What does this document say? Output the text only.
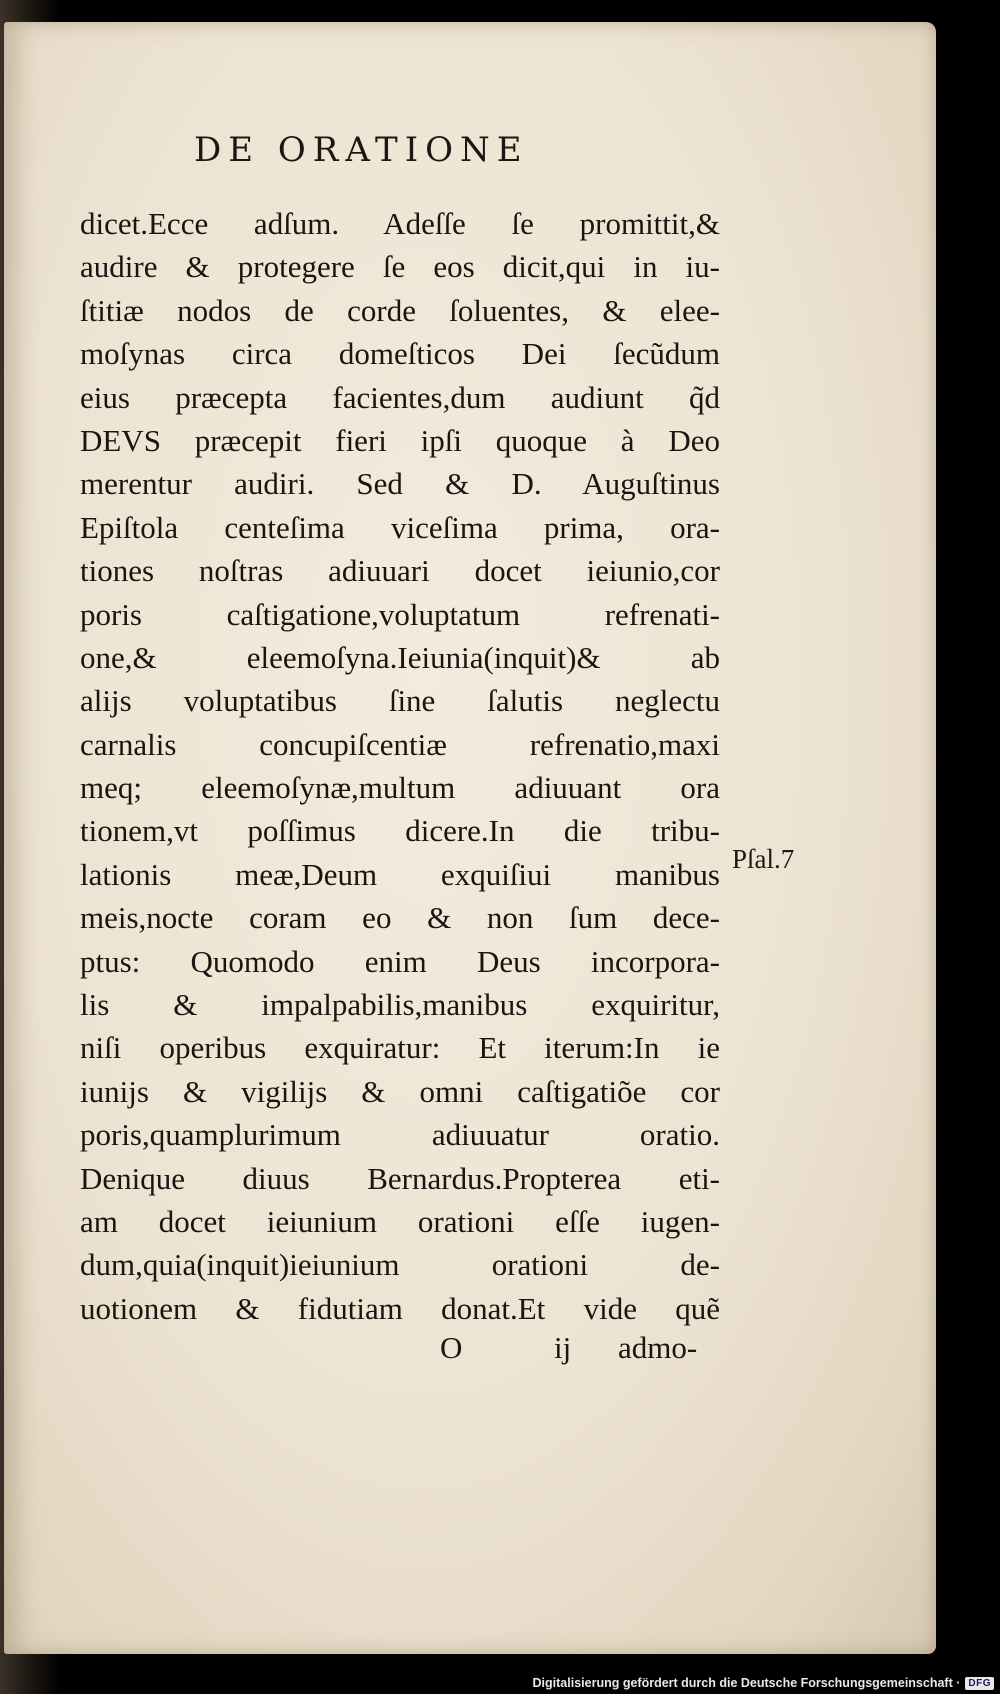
DE ORATIONE
dicet.Ecce adſum. Adeſſe ſe promittit,&
audire & protegere ſe eos dicit,qui in iu-
ſtitiæ nodos de corde ſoluentes, & elee-
moſynas circa domeſticos Dei ſecũdum
eius præcepta facientes,dum audiunt q̃d
DEVS præcepit fieri ipſi quoque à Deo
merentur audiri. Sed & D. Auguſtinus
Epiſtola centeſima viceſima prima, ora-
tiones noſtras adiuuari docet ieiunio,cor
poris caſtigatione,voluptatum refrenati-
one,& eleemoſyna.Ieiunia(inquit)& ab
alijs voluptatibus ſine ſalutis neglectu
carnalis concupiſcentiæ refrenatio,maxi
meq; eleemoſynæ,multum adiuuant ora
tionem,vt poſſimus dicere.In die tribu-
lationis meæ,Deum exquiſiui manibus
meis,nocte coram eo & non ſum dece-
ptus: Quomodo enim Deus incorpora-
lis & impalpabilis,manibus exquiritur,
niſi operibus exquiratur: Et iterum:In ie
iunijs & vigilijs & omni caſtigatiõe cor
poris,quamplurimum adiuuatur oratio.
Denique diuus Bernardus.Propterea eti-
am docet ieiunium orationi eſſe iugen-
dum,quia(inquit)ieiunium orationi de-
uotionem & fidutiam donat.Et vide quẽ
Pſal.7
O	ij admo-
Digitalisierung gefördert durch die Deutsche Forschungsgemeinschaft · DFG
